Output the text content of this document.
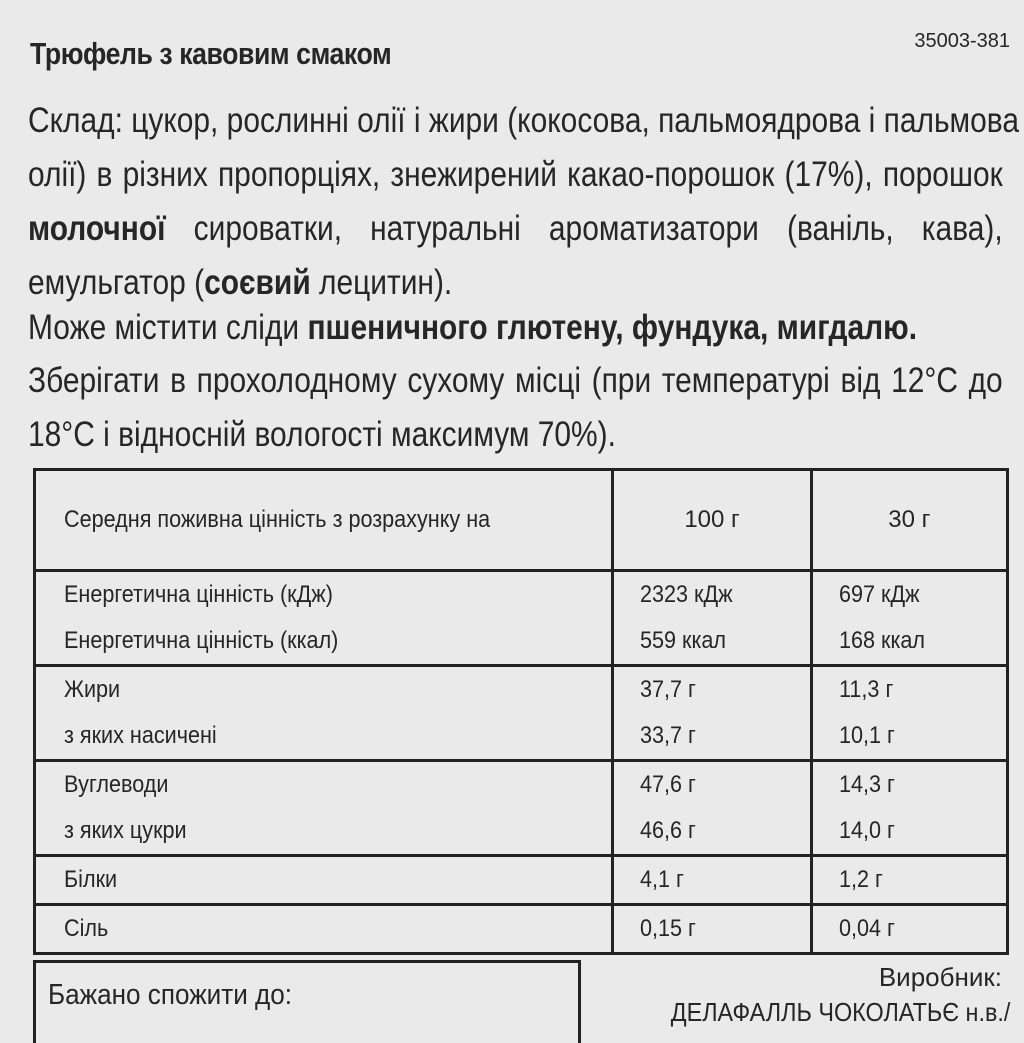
Трюфель з кавовим смаком	35003-381
Склад: цукор, рослинні олії і жири (кокосова, пальмоядрова і пальмова
олії) в різних пропорціях, знежирений какао-порошок (17%), порошок
молочної сироватки, натуральні ароматизатори (ваніль, кава),
емульгатор (соєвий лецитин).
Може містити сліди пшеничного глютену, фундука, мигдалю.
Зберігати в прохолодному сухому місці (при температурі від 12°C до
18°C і відносній вологості максимум 70%).
Середня поживна цінність з розрахунку на	100 г	30 г

Енергетична цінність (кДж)	2323 кДж	697 кДж

Енергетична цінність (ккал)	559 ккал	168 ккал

Жири	37,7 г	11,3 г

з яких насичені	33,7 г	10,1 г

Вуглеводи	47,6 г	14,3 г

з яких цукри	46,6 г	14,0 г

Білки	4,1 г	1,2 г

Сіль	0,15 г	0,04 г
Бажано спожити до:
Виробник:
ДЕЛАФАЛЛЬ ЧОКОЛАТЬЄ н.в./
